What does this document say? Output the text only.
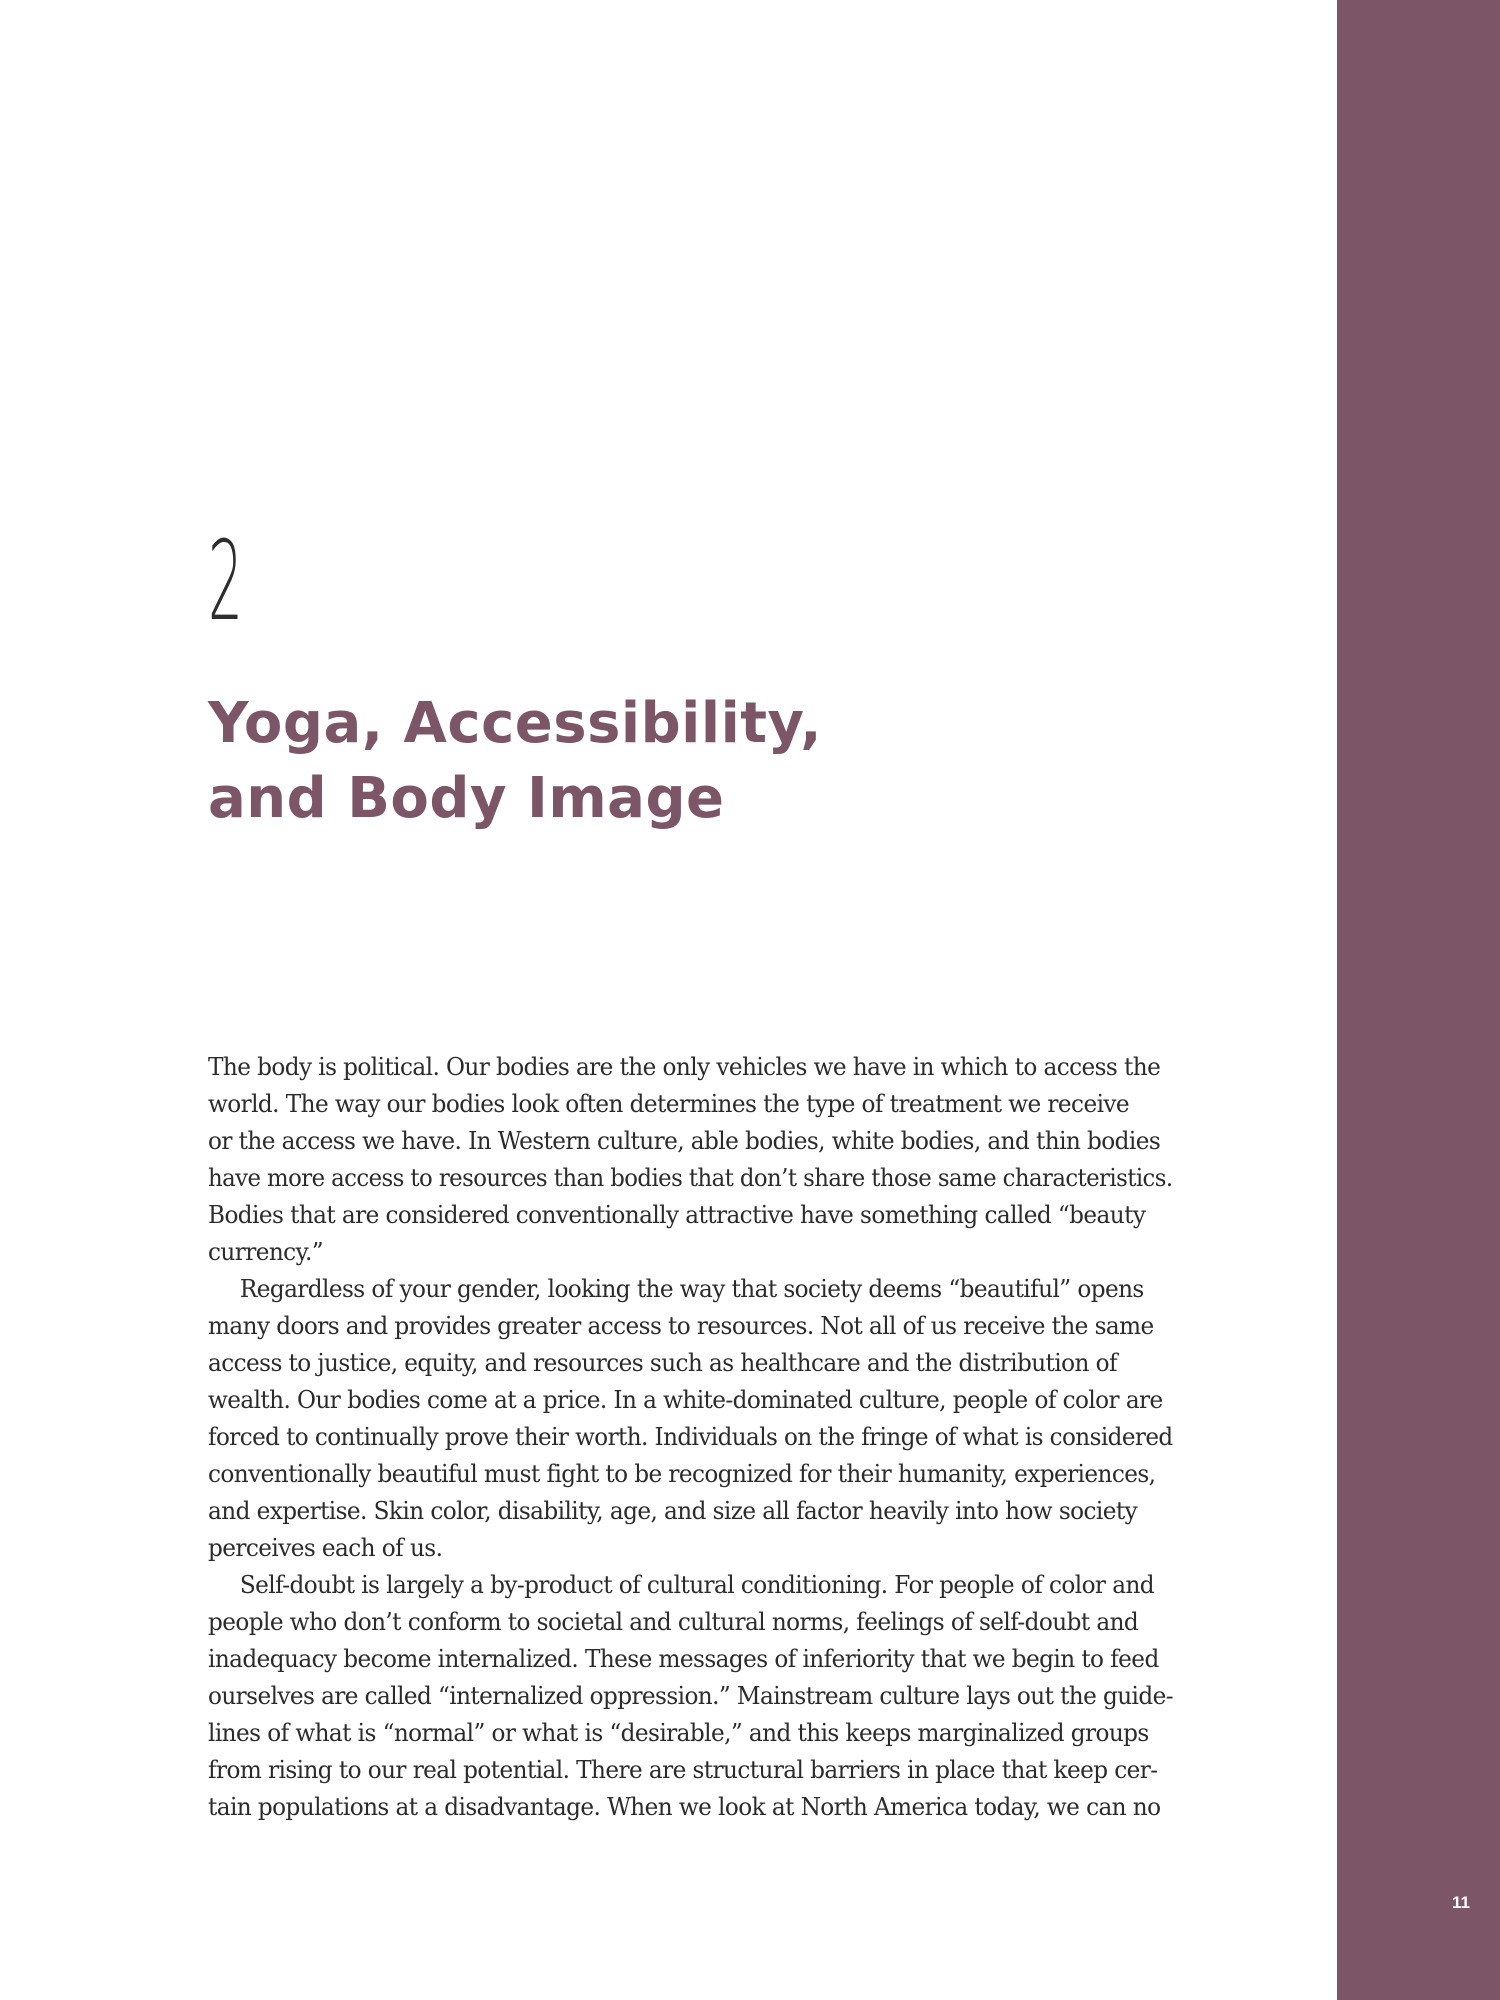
2
Yoga, Accessibility,
and Body Image
The body is political. Our bodies are the only vehicles we have in which to access the
world. The way our bodies look often determines the type of treatment we receive
or the access we have. In Western culture, able bodies, white bodies, and thin bodies
have more access to resources than bodies that don’t share those same characteristics.
Bodies that are considered conventionally attractive have something called “beauty
currency.”
Regardless of your gender, looking the way that society deems “beautiful” opens
many doors and provides greater access to resources. Not all of us receive the same
access to justice, equity, and resources such as healthcare and the distribution of
wealth. Our bodies come at a price. In a white-dominated culture, people of color are
forced to continually prove their worth. Individuals on the fringe of what is considered
conventionally beautiful must fight to be recognized for their humanity, experiences,
and expertise. Skin color, disability, age, and size all factor heavily into how society
perceives each of us.
Self-doubt is largely a by-product of cultural conditioning. For people of color and
people who don’t conform to societal and cultural norms, feelings of self-doubt and
inadequacy become internalized. These messages of inferiority that we begin to feed
ourselves are called “internalized oppression.” Mainstream culture lays out the guide-
lines of what is “normal” or what is “desirable,” and this keeps marginalized groups
from rising to our real potential. There are structural barriers in place that keep cer-
tain populations at a disadvantage. When we look at North America today, we can no
11
